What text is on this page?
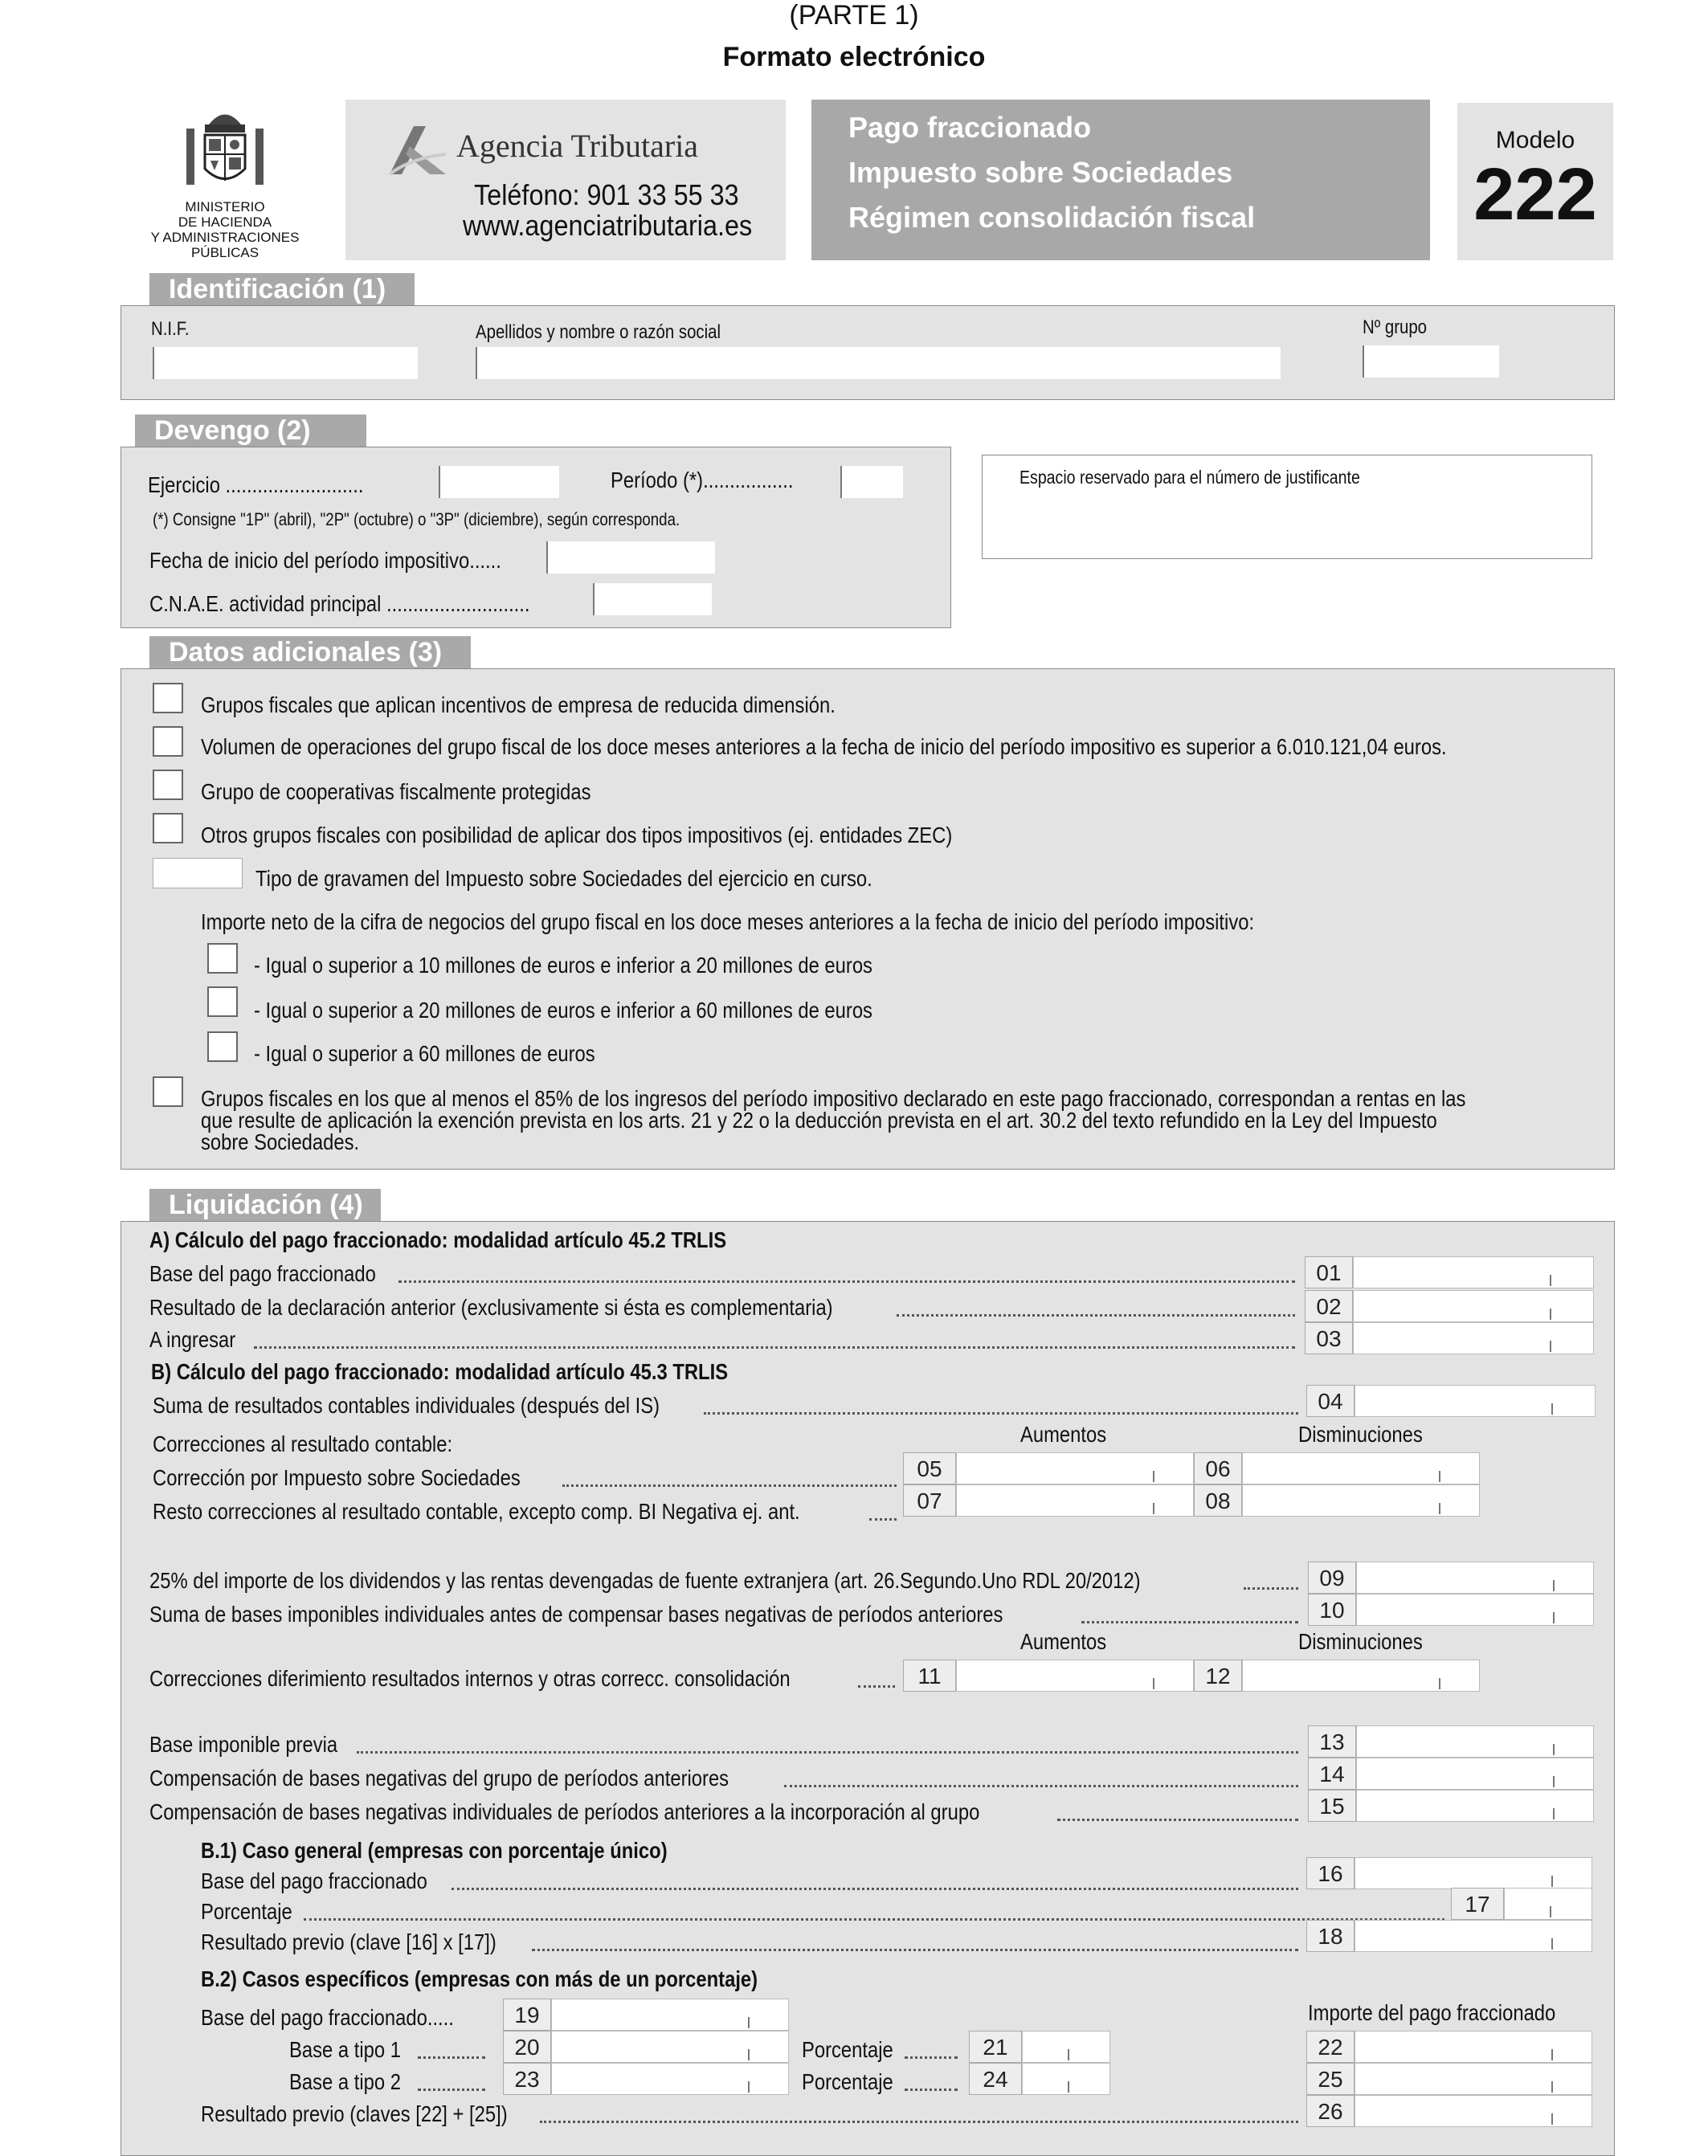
(PARTE 1)
Formato electrónico
MINISTERIO
DE HACIENDA
Y ADMINISTRACIONES PÚBLICAS
Agencia Tributaria
Teléfono: 901 33 55 33
www.agenciatributaria.es
Pago fraccionado
Impuesto sobre Sociedades
Régimen consolidación fiscal
Modelo
222
Identificación (1)
N.I.F.	Apellidos y nombre o razón social	Nº grupo
Devengo (2)
Ejercicio ..........................	Período (*).................
(*) Consigne "1P" (abril), "2P" (octubre) o "3P" (diciembre), según corresponda.
Fecha de inicio del período impositivo......
C.N.A.E. actividad principal ...........................
Espacio reservado para el número de justificante
Datos adicionales (3)
Grupos fiscales que aplican incentivos de empresa de reducida dimensión.
Volumen de operaciones del grupo fiscal de los doce meses anteriores a la fecha de inicio del período impositivo es superior a 6.010.121,04 euros.
Grupo de cooperativas fiscalmente protegidas
Otros grupos fiscales con posibilidad de aplicar dos tipos impositivos (ej. entidades ZEC)
Tipo de gravamen del Impuesto sobre Sociedades del ejercicio en curso.
Importe neto de la cifra de negocios del grupo fiscal en los doce meses anteriores a la fecha de inicio del período impositivo:
- Igual o superior a 10 millones de euros e inferior a 20 millones de euros
- Igual o superior a 20 millones de euros e inferior a 60 millones de euros
- Igual o superior a 60 millones de euros
Grupos fiscales en los que al menos el 85% de los ingresos del período impositivo declarado en este pago fraccionado, correspondan a rentas en las
que resulte de aplicación la exención prevista en los arts. 21 y 22 o la deducción prevista en el art. 30.2 del texto refundido en la Ley del Impuesto
sobre Sociedades.
Liquidación (4)
A) Cálculo del pago fraccionado: modalidad artículo 45.2 TRLIS
Base del pago fraccionado	01
Resultado de la declaración anterior (exclusivamente si ésta es complementaria)	02
A ingresar	03
B) Cálculo del pago fraccionado: modalidad artículo 45.3 TRLIS
Suma de resultados contables individuales (después del IS)	04
Aumentos	Disminuciones
Correcciones al resultado contable:
Corrección por Impuesto sobre Sociedades	05	06
Resto correcciones al resultado contable, excepto comp. BI Negativa ej. ant.	07	08
25% del importe de los dividendos y las rentas devengadas de fuente extranjera (art. 26.Segundo.Uno RDL 20/2012)	09
Suma de bases imponibles individuales antes de compensar bases negativas de períodos anteriores	10
Aumentos	Disminuciones
Correcciones diferimiento resultados internos y otras correcc. consolidación	11	12
Base imponible previa	13
Compensación de bases negativas del grupo de períodos anteriores	14
Compensación de bases negativas individuales de períodos anteriores a la incorporación al grupo	15
B.1) Caso general (empresas con porcentaje único)
Base del pago fraccionado	16
Porcentaje	17
Resultado previo (clave [16] x [17])	18
B.2) Casos específicos (empresas con más de un porcentaje)
Importe del pago fraccionado
Base del pago fraccionado.....	19
Base a tipo 1	20	Porcentaje	21	22
Base a tipo 2	23	Porcentaje	24	25
Resultado previo (claves [22] + [25])	26
